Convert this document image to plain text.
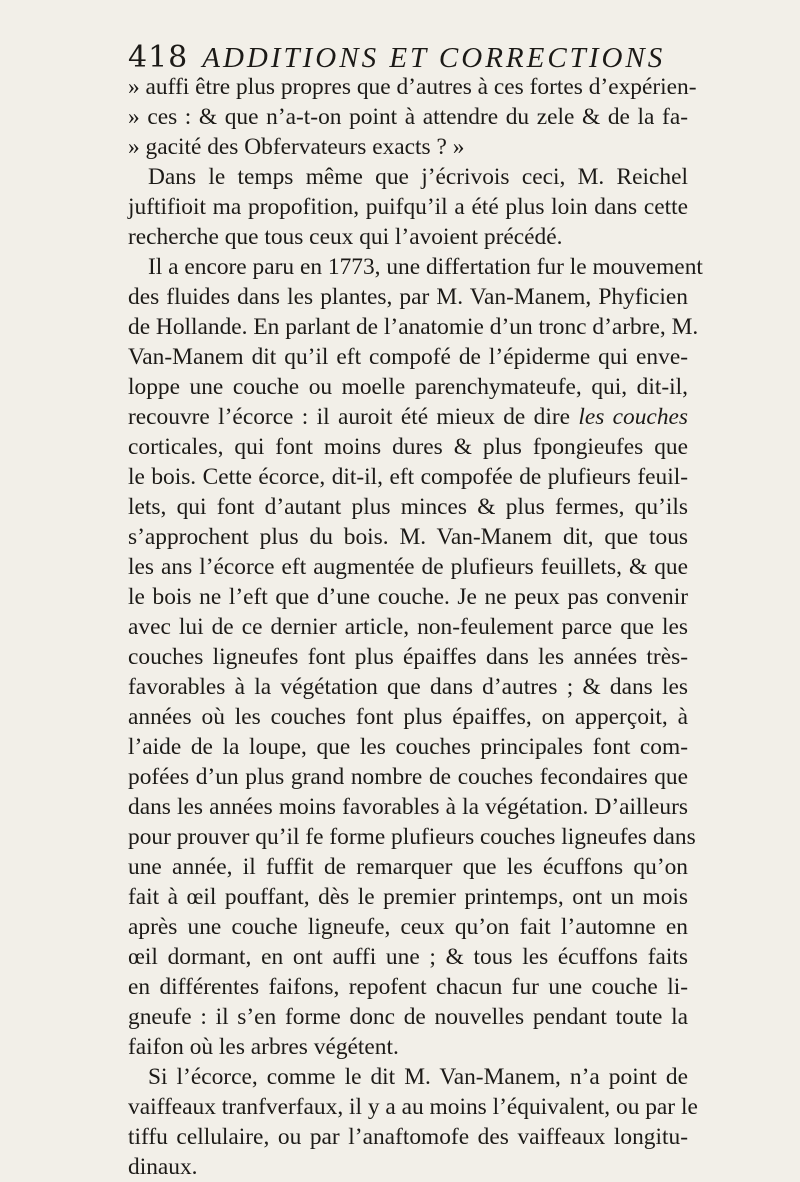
418 ADDITIONS ET CORRECTIONS
» auffi être plus propres que d’autres à ces fortes d’expérien-
» ces : & que n’a-t-on point à attendre du zele & de la fa-
» gacité des Obfervateurs exacts ? »
Dans le temps même que j’écrivois ceci, M. Reichel
juftifioit ma propofition, puifqu’il a été plus loin dans cette
recherche que tous ceux qui l’avoient précédé.
Il a encore paru en 1773, une differtation fur le mouvement
des fluides dans les plantes, par M. Van-Manem, Phyficien
de Hollande. En parlant de l’anatomie d’un tronc d’arbre, M.
Van-Manem dit qu’il eft compofé de l’épiderme qui enve-
loppe une couche ou moelle parenchymateufe, qui, dit-il,
recouvre l’écorce : il auroit été mieux de dire les couches
corticales, qui font moins dures & plus fpongieufes que
le bois. Cette écorce, dit-il, eft compofée de plufieurs feuil-
lets, qui font d’autant plus minces & plus fermes, qu’ils
s’approchent plus du bois. M. Van-Manem dit, que tous
les ans l’écorce eft augmentée de plufieurs feuillets, & que
le bois ne l’eft que d’une couche. Je ne peux pas convenir
avec lui de ce dernier article, non-feulement parce que les
couches ligneufes font plus épaiffes dans les années très-
favorables à la végétation que dans d’autres ; & dans les
années où les couches font plus épaiffes, on apperçoit, à
l’aide de la loupe, que les couches principales font com-
pofées d’un plus grand nombre de couches fecondaires que
dans les années moins favorables à la végétation. D’ailleurs
pour prouver qu’il fe forme plufieurs couches ligneufes dans
une année, il fuffit de remarquer que les écuffons qu’on
fait à œil pouffant, dès le premier printemps, ont un mois
après une couche ligneufe, ceux qu’on fait l’automne en
œil dormant, en ont auffi une ; & tous les écuffons faits
en différentes faifons, repofent chacun fur une couche li-
gneufe : il s’en forme donc de nouvelles pendant toute la
faifon où les arbres végétent.
Si l’écorce, comme le dit M. Van-Manem, n’a point de
vaiffeaux tranfverfaux, il y a au moins l’équivalent, ou par le
tiffu cellulaire, ou par l’anaftomofe des vaiffeaux longitu-
dinaux.
